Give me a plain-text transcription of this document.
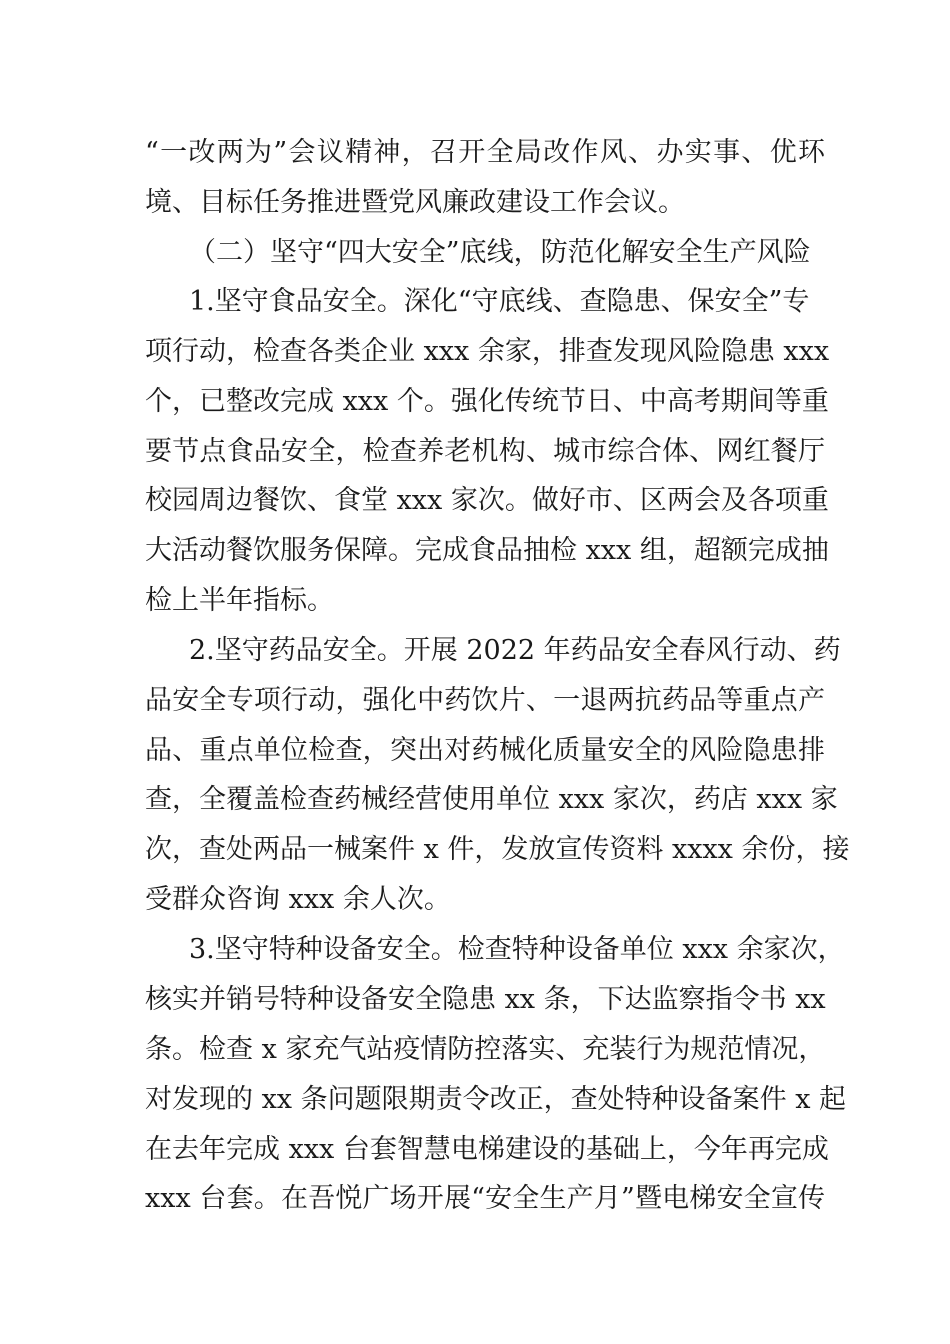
“一改两为”会议精神，召开全局改作风、办实事、优环

境、目标任务推进暨党风廉政建设工作会议。

（二）坚守“四大安全”底线，防范化解安全生产风险

1.坚守食品安全。深化“守底线、查隐患、保安全”专

项行动，检查各类企业 xxx 余家，排查发现风险隐患 xxx

个，已整改完成 xxx 个。强化传统节日、中高考期间等重

要节点食品安全，检查养老机构、城市综合体、网红餐厅

校园周边餐饮、食堂 xxx 家次。做好市、区两会及各项重

大活动餐饮服务保障。完成食品抽检 xxx 组，超额完成抽

检上半年指标。

2.坚守药品安全。开展 2022 年药品安全春风行动、药

品安全专项行动，强化中药饮片、一退两抗药品等重点产

品、重点单位检查，突出对药械化质量安全的风险隐患排

查，全覆盖检查药械经营使用单位 xxx 家次，药店 xxx 家

次，查处两品一械案件 x 件，发放宣传资料 xxxx 余份，接

受群众咨询 xxx 余人次。

3.坚守特种设备安全。检查特种设备单位 xxx 余家次，

核实并销号特种设备安全隐患 xx 条，下达监察指令书 xx

条。检查 x 家充气站疫情防控落实、充装行为规范情况，

对发现的 xx 条问题限期责令改正，查处特种设备案件 x 起

在去年完成 xxx 台套智慧电梯建设的基础上，今年再完成

xxx 台套。在吾悦广场开展“安全生产月”暨电梯安全宣传
